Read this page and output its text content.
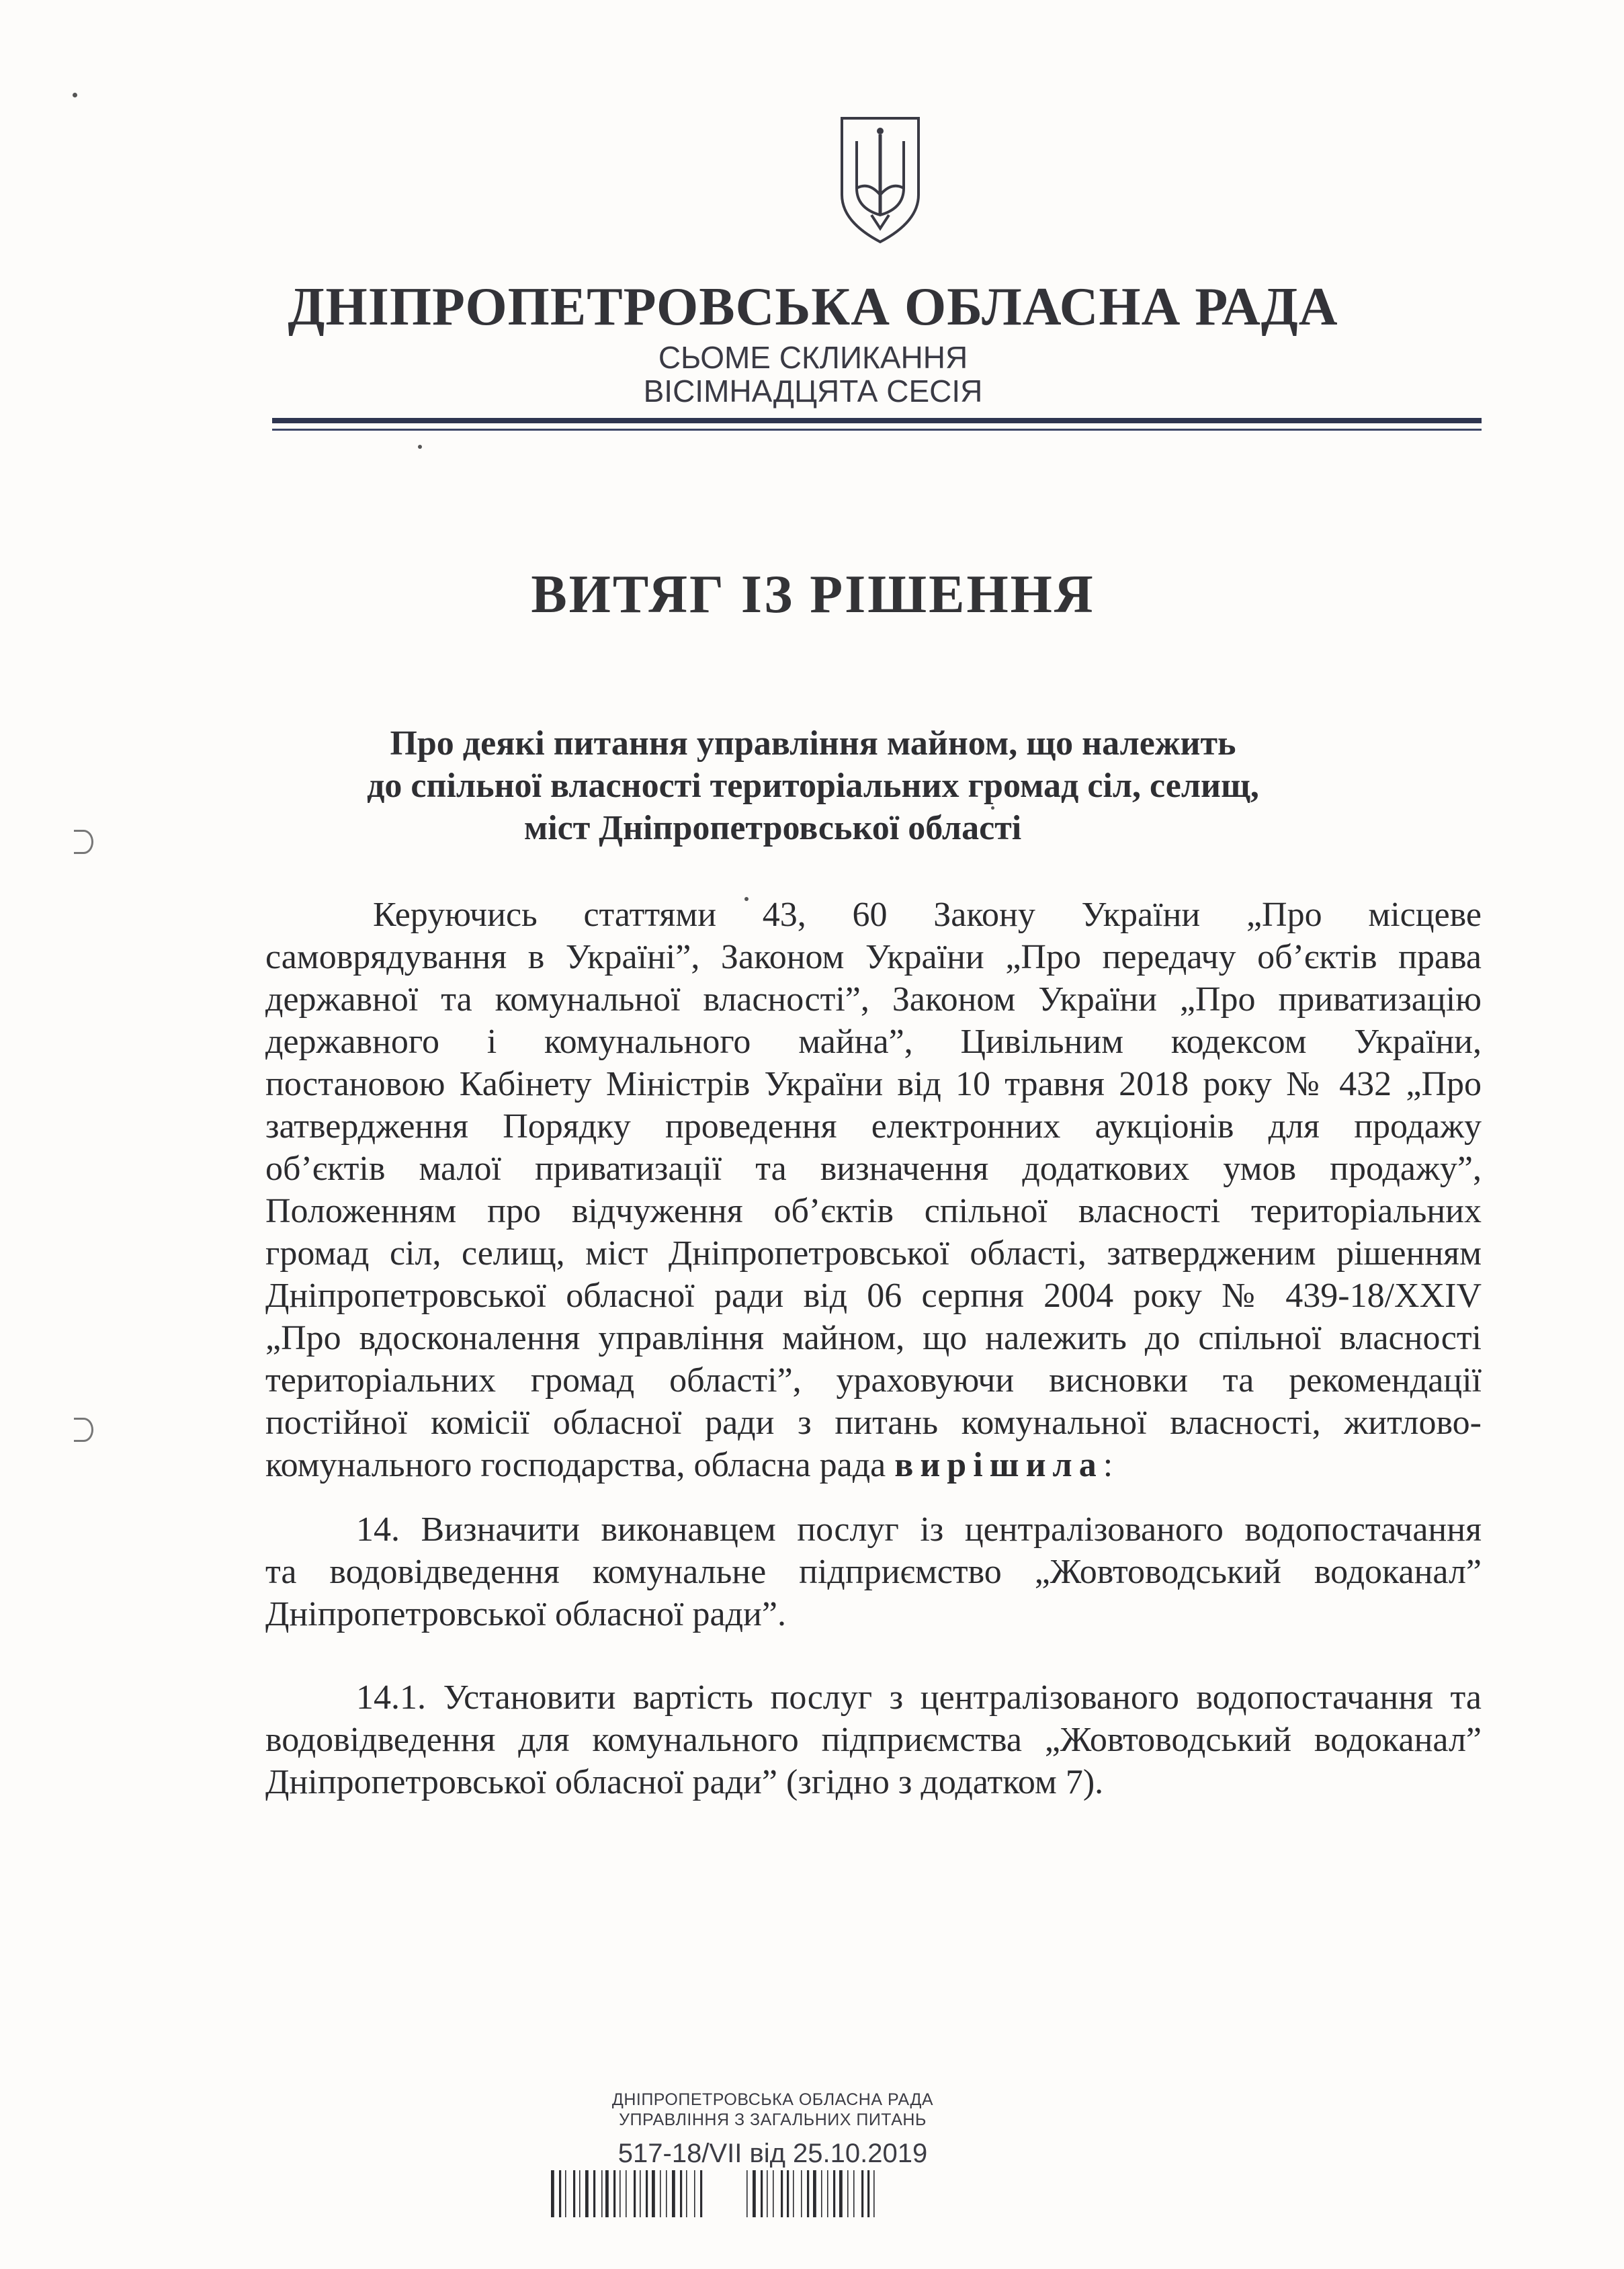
ДНІПРОПЕТРОВСЬКА ОБЛАСНА РАДА
СЬОМЕ СКЛИКАННЯ
ВІСІМНАДЦЯТА СЕСІЯ
ВИТЯГ ІЗ РІШЕННЯ
Про деякі питання управління майном, що належить
до спільної власності територіальних громад сіл, селищ,
міст Дніпропетровської області
Керуючись статтями 43, 60 Закону України „Про місцеве
самоврядування в Україні”, Законом України „Про передачу об’єктів права
державної та комунальної власності”, Законом України „Про приватизацію
державного і комунального майна”, Цивільним кодексом України,
постановою Кабінету Міністрів України від 10 травня 2018 року № 432 „Про
затвердження Порядку проведення електронних аукціонів для продажу
об’єктів малої приватизації та визначення додаткових умов продажу”,
Положенням про відчуження об’єктів спільної власності територіальних
громад сіл, селищ, міст Дніпропетровської області, затвердженим рішенням
Дніпропетровської обласної ради від 06 серпня 2004 року № 439-18/XXIV
„Про вдосконалення управління майном, що належить до спільної власності
територіальних громад області”, ураховуючи висновки та рекомендації
постійної комісії обласної ради з питань комунальної власності, житлово-
комунального господарства, обласна рада вирішила:
14. Визначити виконавцем послуг із централізованого водопостачання
та водовідведення комунальне підприємство „Жовтоводський водоканал”
Дніпропетровської обласної ради”.
14.1. Установити вартість послуг з централізованого водопостачання та
водовідведення для комунального підприємства „Жовтоводський водоканал”
Дніпропетровської обласної ради” (згідно з додатком 7).
ДНІПРОПЕТРОВСЬКА ОБЛАСНА РАДА
УПРАВЛІННЯ З ЗАГАЛЬНИХ ПИТАНЬ
517-18/VII від 25.10.2019
